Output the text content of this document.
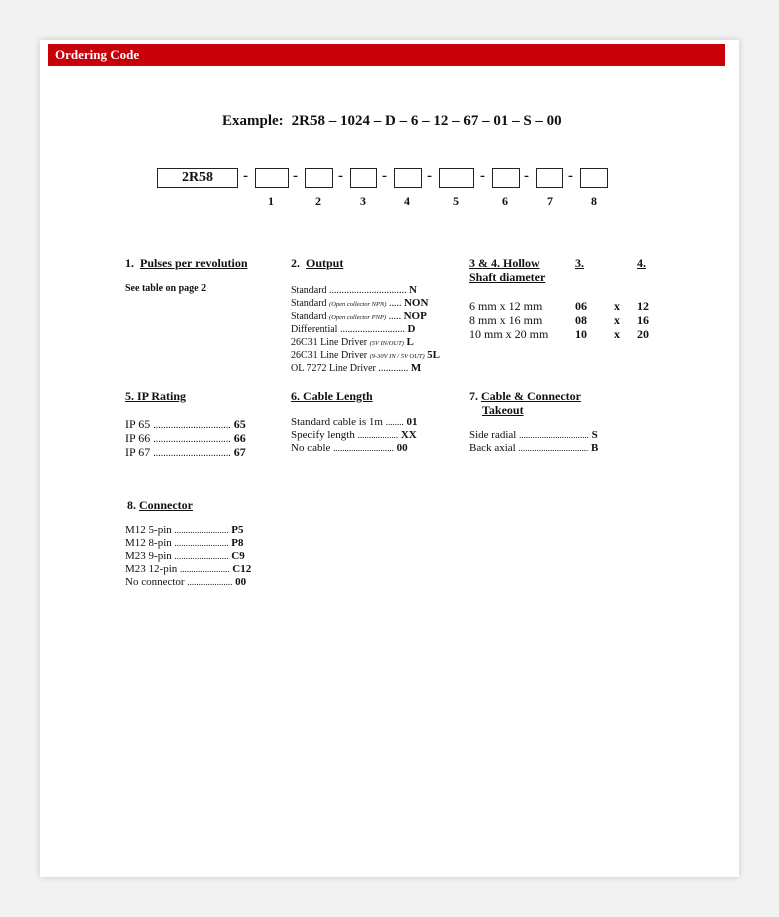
Ordering Code
Example: 2R58 – 1024 – D – 6 – 12 – 67 – 01 – S – 00
2R58	-	-	-	-	-	-	-	-
1	2	3	4	5	6	7	8
1. Pulses per revolution
See table on page 2
2. Output
Standard ............................... N
Standard (Open collector NPN) ..... NON
Standard (Open collector PNP) ..... NOP
Differential .......................... D
26C31 Line Driver (5V IN/OUT) L
26C31 Line Driver (9-30V IN / 5V OUT) 5L
OL 7272 Line Driver ............ M
3 & 4. Hollow
Shaft diameter
3.	4.
6 mm x 12 mm	06 x 12
8 mm x 16 mm	08 x 16
10 mm x 20 mm 10 x 20
5. IP Rating
IP 65 ............................... 65
IP 66 ............................... 66
IP 67 ............................... 67
6. Cable Length
Standard cable is 1m ........ 01
Specify length .................. XX
No cable ........................... 00
7. Cable & Connector
Takeout
Side radial ............................... S
Back axial ............................... B
8. Connector
M12 5-pin ........................ P5
M12 8-pin ........................ P8
M23 9-pin ........................ C9
M23 12-pin ...................... C12
No connector .................... 00
